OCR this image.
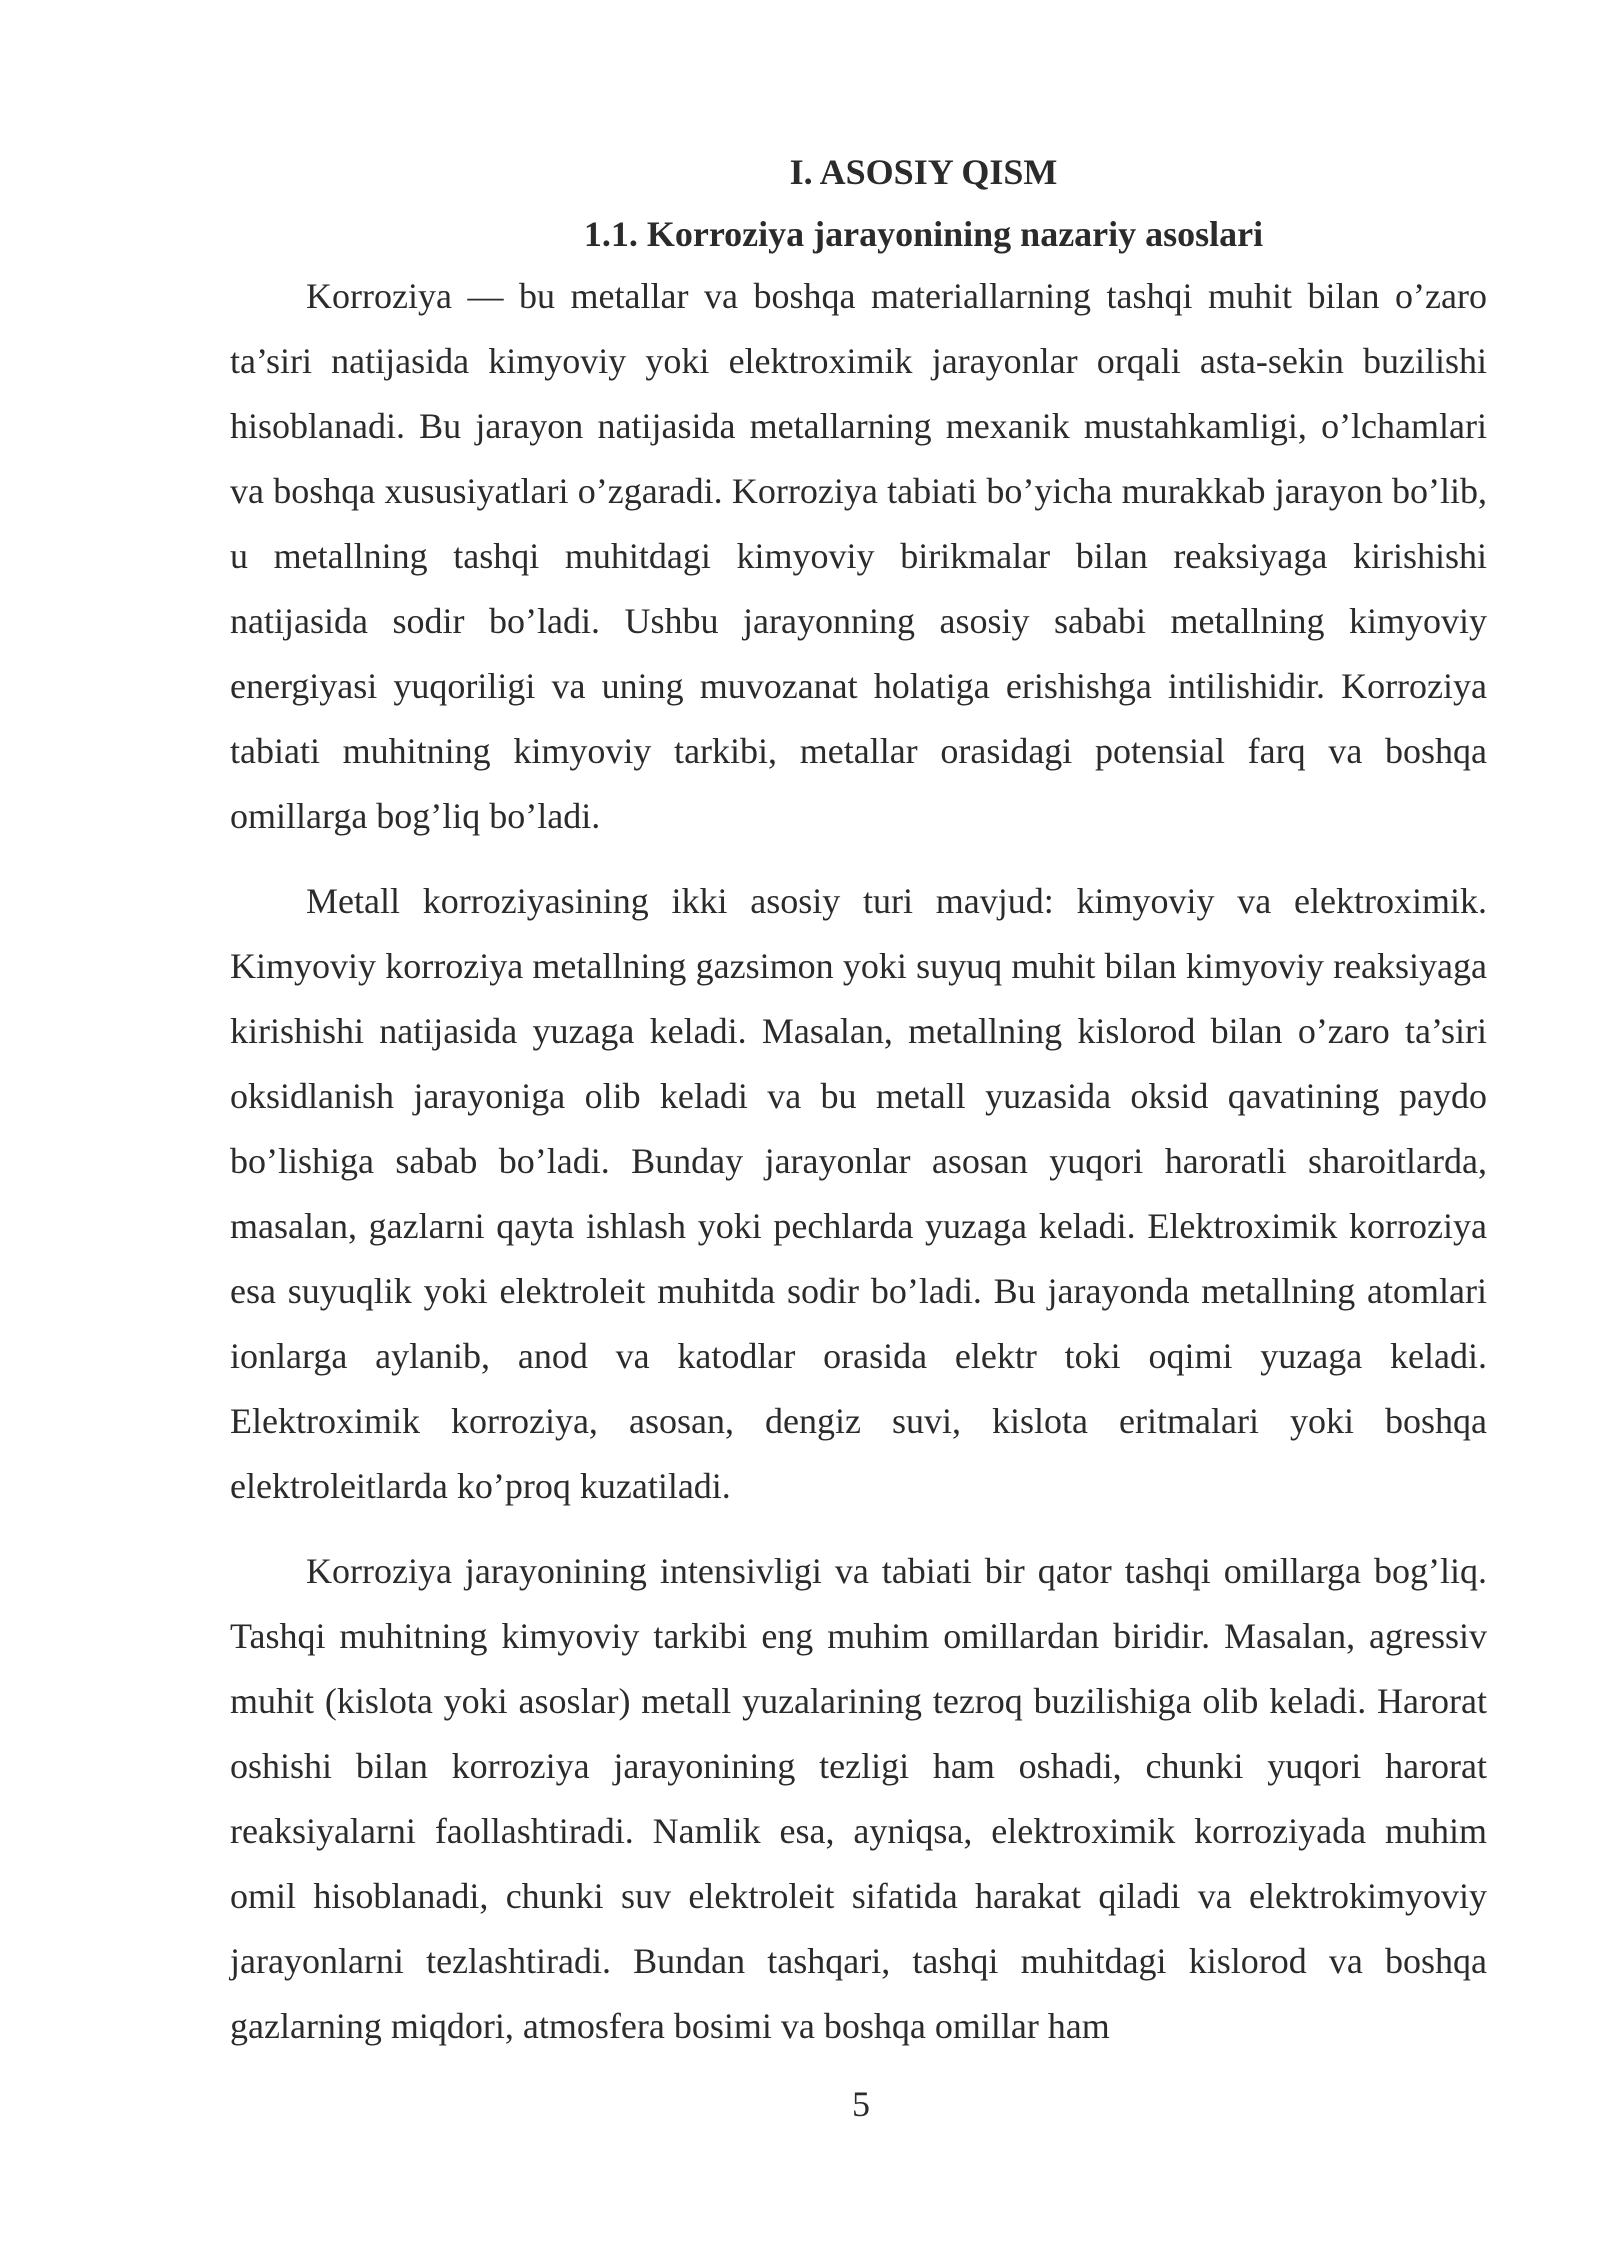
I. ASOSIY QISM
1.1. Korroziya jarayonining nazariy asoslari

Korroziya — bu metallar va boshqa materiallarning tashqi muhit bilan o’zaro ta’siri natijasida kimyoviy yoki elektroximik jarayonlar orqali asta-sekin buzilishi hisoblanadi. Bu jarayon natijasida metallarning mexanik mustahkamligi, o’lchamlari va boshqa xususiyatlari o’zgaradi. Korroziya tabiati bo’yicha murakkab jarayon bo’lib, u metallning tashqi muhitdagi kimyoviy birikmalar bilan reaksiyaga kirishishi natijasida sodir bo’ladi. Ushbu jarayonning asosiy sababi metallning kimyoviy energiyasi yuqoriligi va uning muvozanat holatiga erishishga intilishidir. Korroziya tabiati muhitning kimyoviy tarkibi, metallar orasidagi potensial farq va boshqa omillarga bog’liq bo’ladi.

Metall korroziyasining ikki asosiy turi mavjud: kimyoviy va elektroximik. Kimyoviy korroziya metallning gazsimon yoki suyuq muhit bilan kimyoviy reaksiyaga kirishishi natijasida yuzaga keladi. Masalan, metallning kislorod bilan o’zaro ta’siri oksidlanish jarayoniga olib keladi va bu metall yuzasida oksid qavatining paydo bo’lishiga sabab bo’ladi. Bunday jarayonlar asosan yuqori haroratli sharoitlarda, masalan, gazlarni qayta ishlash yoki pechlarda yuzaga keladi. Elektroximik korroziya esa suyuqlik yoki elektroleit muhitda sodir bo’ladi. Bu jarayonda metallning atomlari ionlarga aylanib, anod va katodlar orasida elektr toki oqimi yuzaga keladi. Elektroximik korroziya, asosan, dengiz suvi, kislota eritmalari yoki boshqa elektroleitlarda ko’proq kuzatiladi.

Korroziya jarayonining intensivligi va tabiati bir qator tashqi omillarga bog’liq. Tashqi muhitning kimyoviy tarkibi eng muhim omillardan biridir. Masalan, agressiv muhit (kislota yoki asoslar) metall yuzalarining tezroq buzilishiga olib keladi. Harorat oshishi bilan korroziya jarayonining tezligi ham oshadi, chunki yuqori harorat reaksiyalarni faollashtiradi. Namlik esa, ayniqsa, elektroximik korroziyada muhim omil hisoblanadi, chunki suv elektroleit sifatida harakat qiladi va elektrokimyoviy jarayonlarni tezlashtiradi. Bundan tashqari, tashqi muhitdagi kislorod va boshqa gazlarning miqdori, atmosfera bosimi va boshqa omillar ham

5
